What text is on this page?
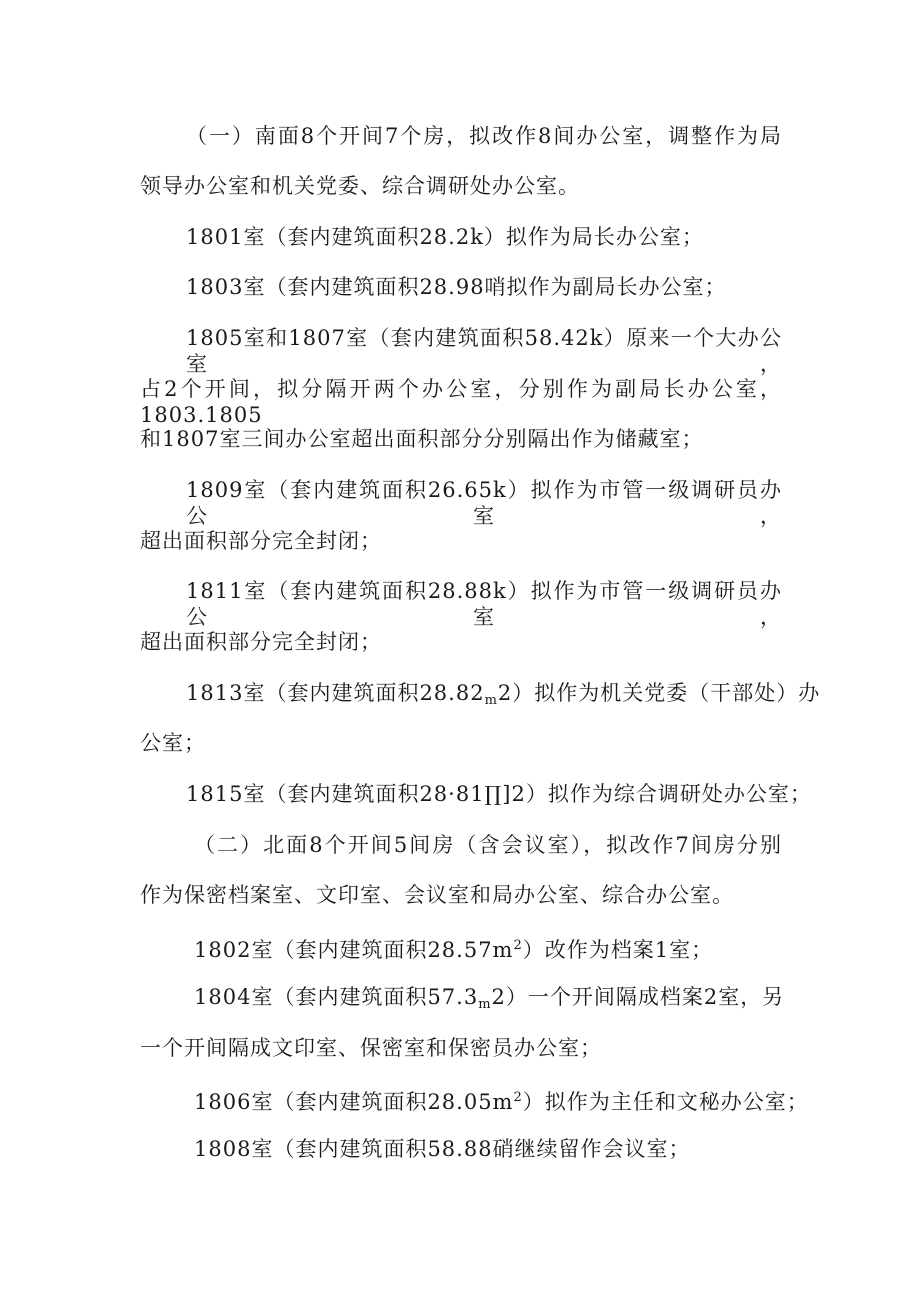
（一）南面8个开间7个房，拟改作8间办公室，调整作为局
领导办公室和机关党委、综合调研处办公室。
1801室（套内建筑面积28.2k）拟作为局长办公室；
1803室（套内建筑面积28.98哨拟作为副局长办公室；
1805室和1807室（套内建筑面积58.42k）原来一个大办公室，
占2个开间，拟分隔开两个办公室，分别作为副局长办公室，1803.1805
和1807室三间办公室超出面积部分分别隔出作为储藏室；
1809室（套内建筑面积26.65k）拟作为市管一级调研员办公室，
超出面积部分完全封闭；
1811室（套内建筑面积28.88k）拟作为市管一级调研员办公室，
超出面积部分完全封闭；
1813室（套内建筑面积$28.82_m2$）拟作为机关党委（干部处）办
公室；
1815室（套内建筑面积28·81∏]2）拟作为综合调研处办公室；
（二）北面8个开间5间房（含会议室），拟改作7间房分别
作为保密档案室、文印室、会议室和局办公室、综合办公室。
1802室（套内建筑面积$28.57m^2$）改作为档案1室；
1804室（套内建筑面积$57.3_m2$）一个开间隔成档案2室，另
一个开间隔成文印室、保密室和保密员办公室；
1806室（套内建筑面积$28.05m^2$）拟作为主任和文秘办公室；
1808室（套内建筑面积58.88硝继续留作会议室；
